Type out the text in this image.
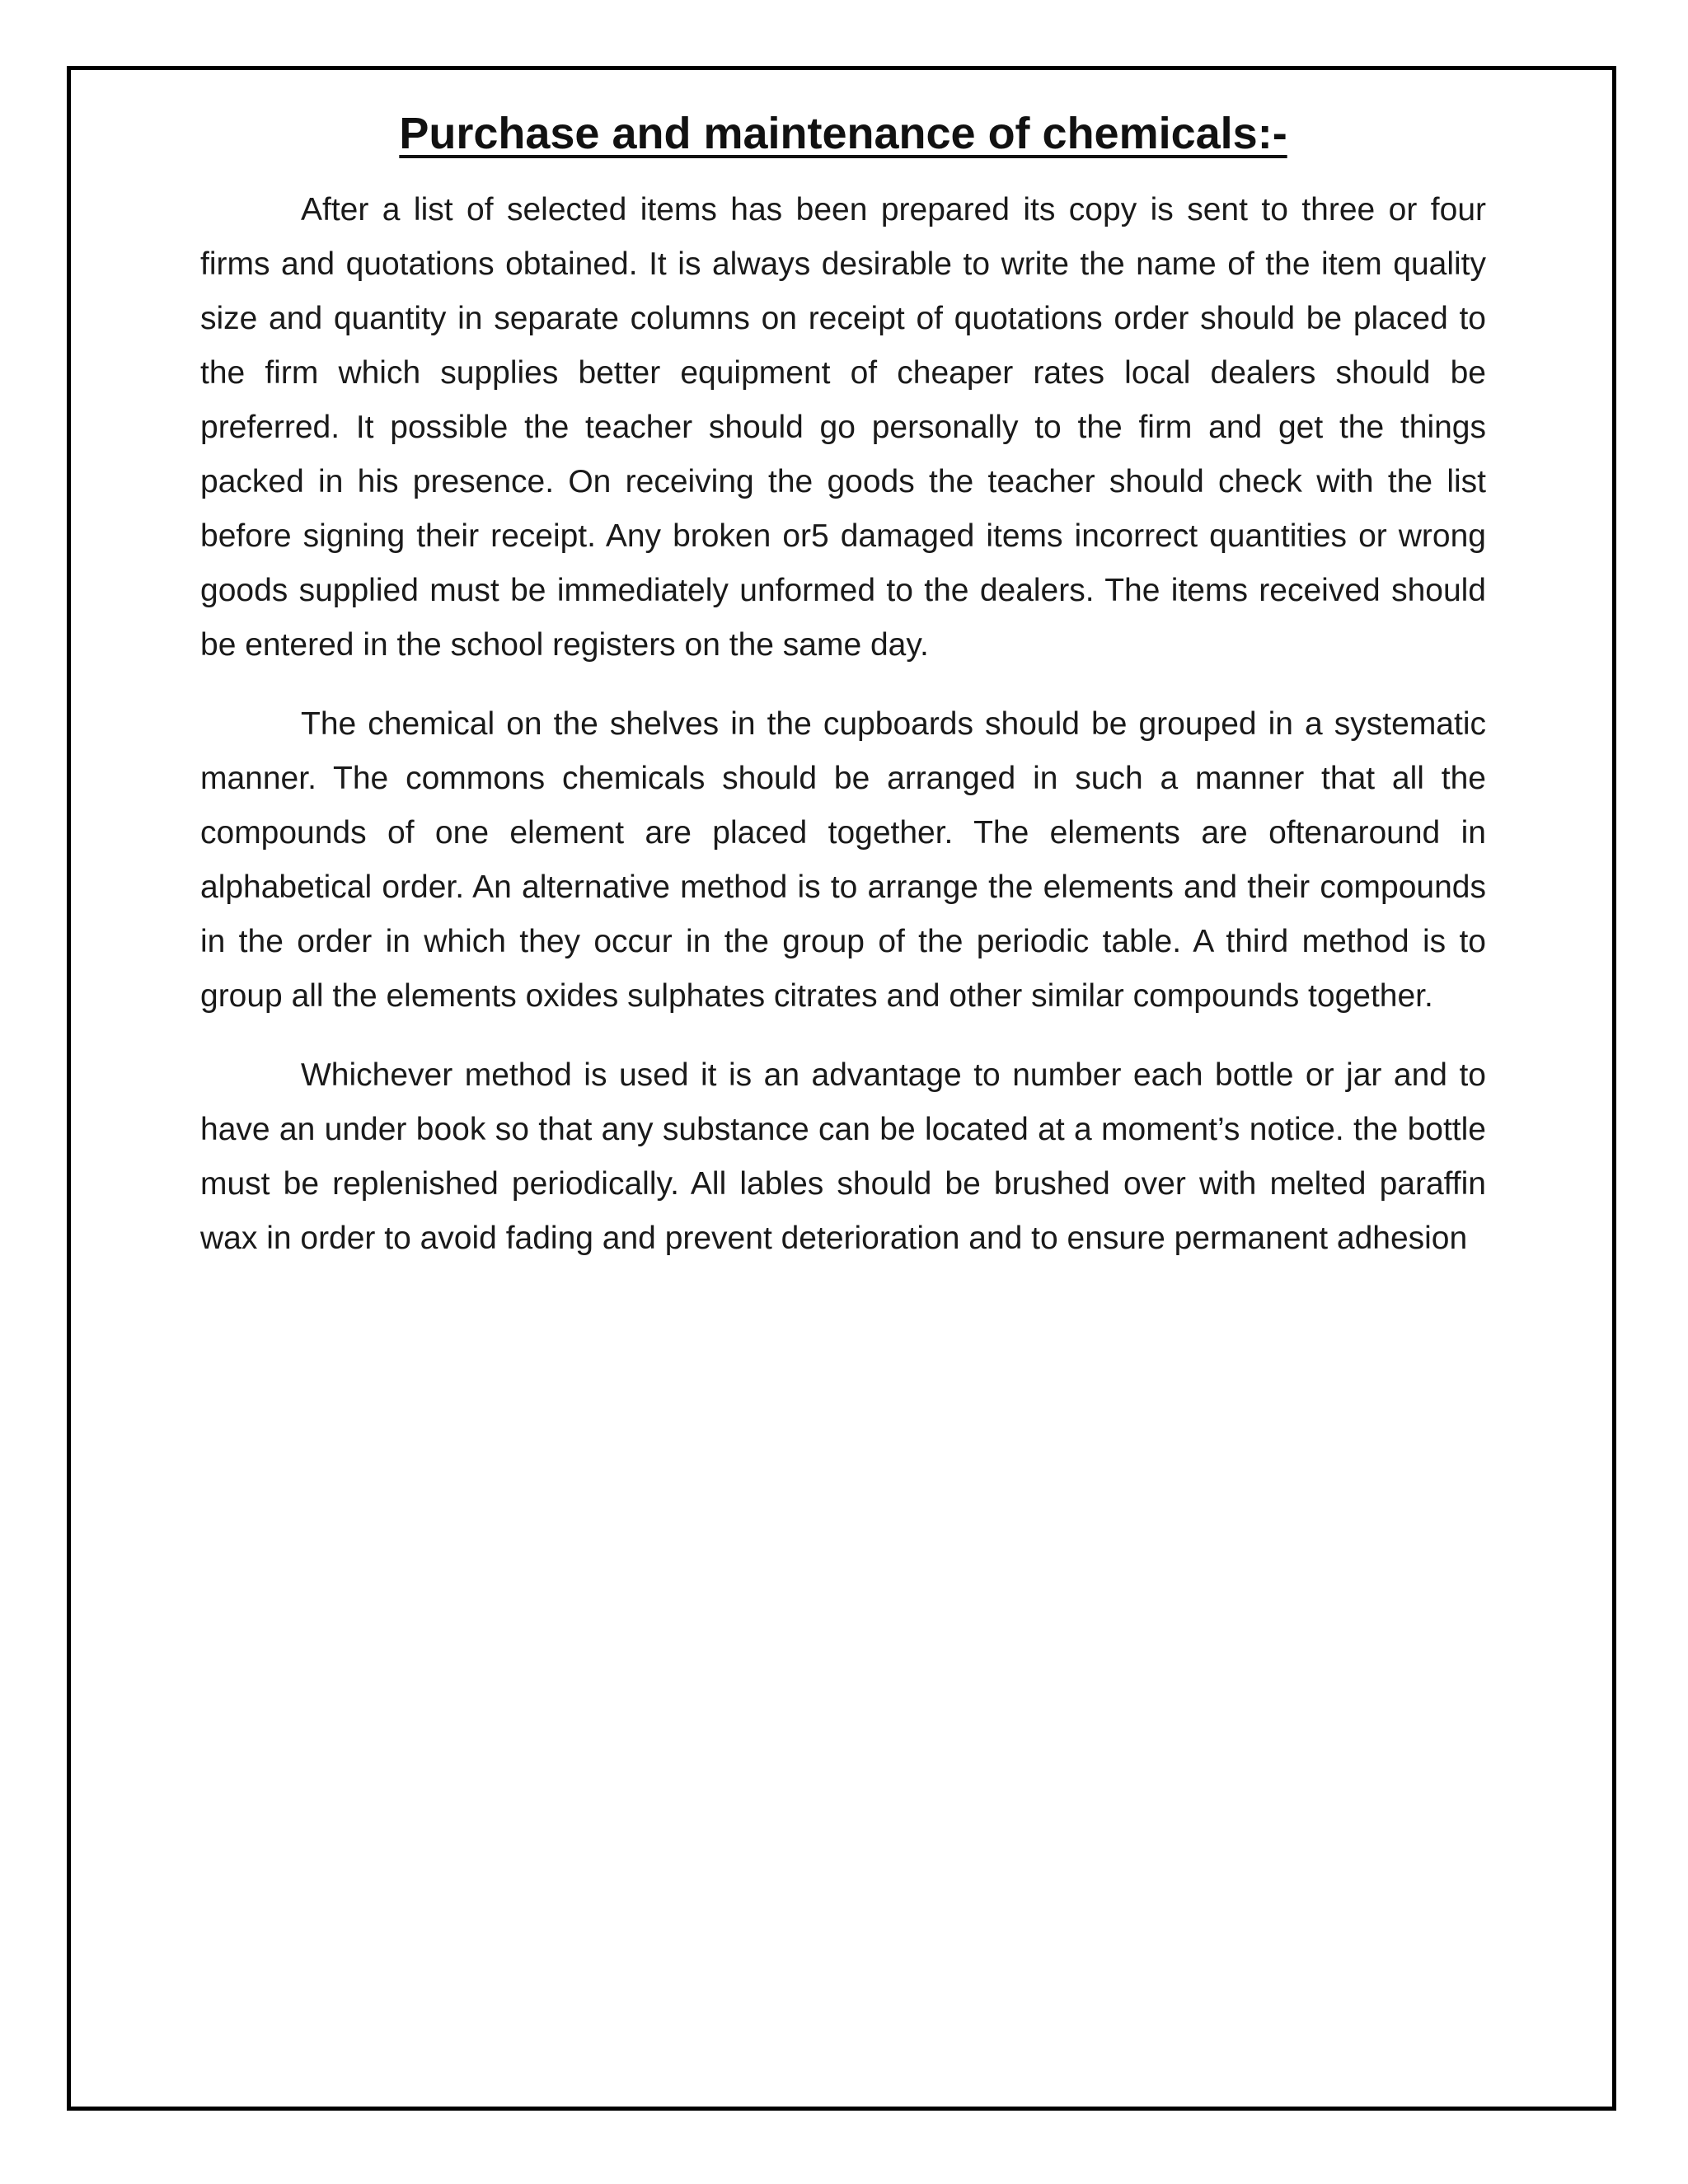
Purchase and maintenance of chemicals:-

After a list of selected items has been prepared its copy is sent to three or four firms and quotations obtained. It is always desirable to write the name of the item quality size and quantity in separate columns on receipt of quotations order should be placed to the firm which supplies better equipment of cheaper rates local dealers should be preferred. It possible the teacher should go personally to the firm and get the things packed in his presence. On receiving the goods the teacher should check with the list before signing their receipt. Any broken or5 damaged items incorrect quantities or wrong goods supplied must be immediately unformed to the dealers. The items received should be entered in the school registers on the same day.

The chemical on the shelves in the cupboards should be grouped in a systematic manner. The commons chemicals should be arranged in such a manner that all the compounds of one element are placed together. The elements are oftenaround in alphabetical order. An alternative method is to arrange the elements and their compounds in the order in which they occur in the group of the periodic table. A third method is to group all the elements oxides sulphates citrates and other similar compounds together.

Whichever method is used it is an advantage to number each bottle or jar and to have an under book so that any substance can be located at a moment’s notice. the bottle must be replenished periodically. All lables should be brushed over with melted paraffin wax in order to avoid fading and prevent deterioration and to ensure permanent adhesion
